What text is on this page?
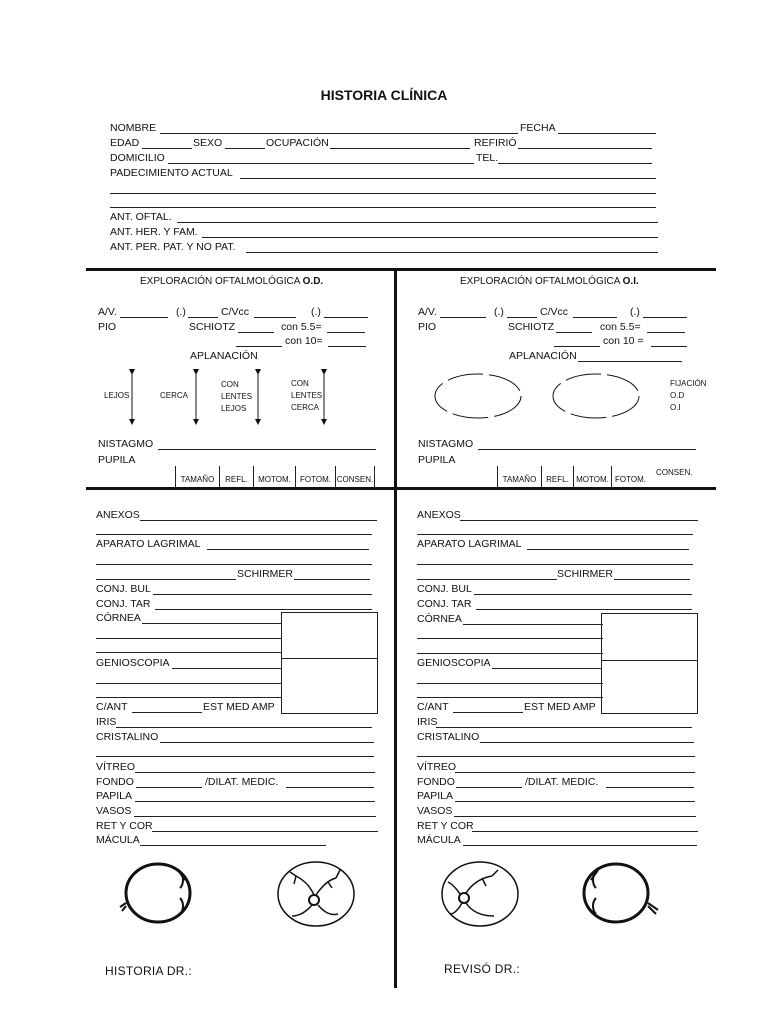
HISTORIA CLÍNICA
NOMBRE	FECHA
EDAD	SEXO	OCUPACIÓN	REFIRIÓ
DOMICILIO	TEL.
PADECIMIENTO ACTUAL
ANT. OFTAL.
ANT. HER. Y FAM.
ANT. PER. PAT. Y NO PAT.
EXPLORACIÓN OFTALMOLÓGICA O.D.
A/V.	(.)	C/Vcc	(.)
PIO	SCHIOTZ	con 5.5=
con 10=
APLANACIÓN
LEJOS	CERCA
CON
LENTES
LEJOS
CON
LENTES
CERCA
NISTAGMO
PUPILA
TAMAÑO	REFL.	MOTOM.	FOTOM. CONSEN.
EXPLORACIÓN OFTALMOLÓGICA O.I.
A/V.	(.)	C/Vcc	(.)
PIO	SCHIOTZ	con 5.5=
con 10 =
APLANACIÓN
FIJACIÓN
O.D
O.I
NISTAGMO
PUPILA
TAMAÑO	REFL. MOTOM. FOTOM.
CONSEN.
ANEXOS
APARATO LAGRIMAL
SCHIRMER
CONJ. BUL
CONJ. TAR
CÓRNEA
GENIOSCOPIA
C/ANT	EST MED AMP
IRIS
CRISTALINO
VÍTREO
FONDO	/DILAT. MEDIC.
PAPILA
VASOS
RET Y COR
MÁCULA
ANEXOS
APARATO LAGRIMAL
SCHIRMER
CONJ. BUL
CONJ. TAR
CÓRNEA
GENIOSCOPIA
C/ANT	EST MED AMP
IRIS
CRISTALINO
VÍTREO
FONDO	/DILAT. MEDIC.
PAPILA
VASOS
RET Y COR
MÁCULA
HISTORIA DR.:	REVISÓ DR.:
